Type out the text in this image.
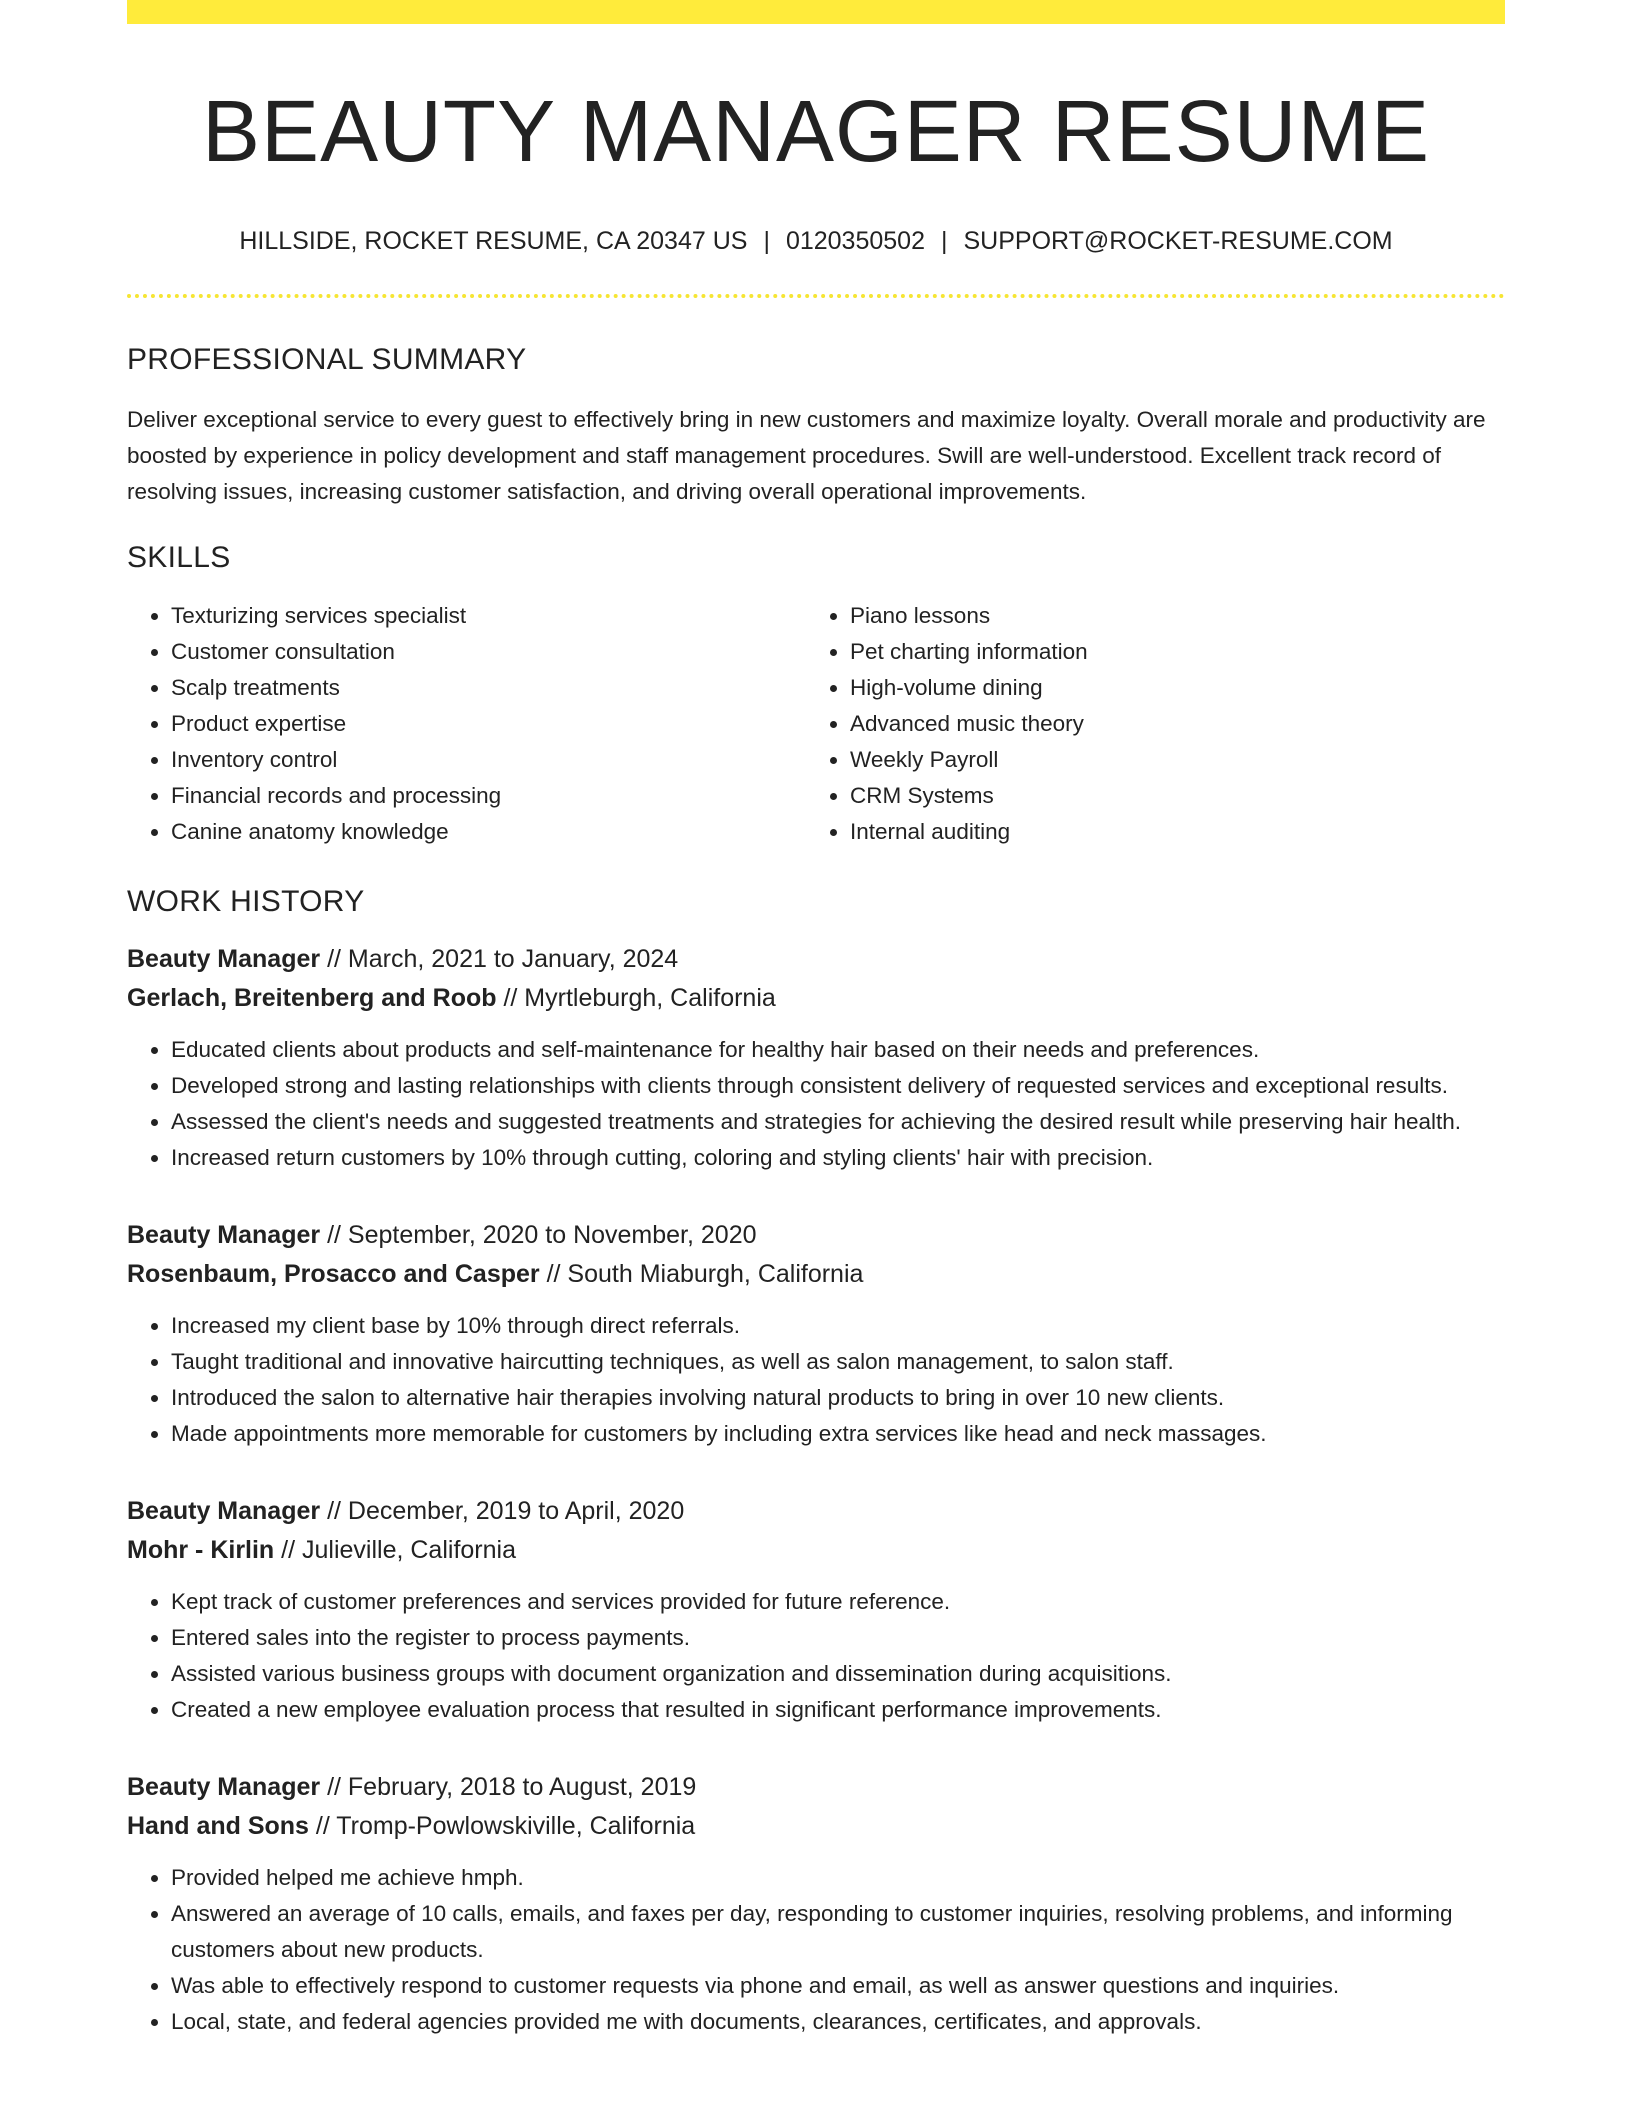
BEAUTY MANAGER RESUME
HILLSIDE, ROCKET RESUME, CA 20347 US | 0120350502 | SUPPORT@ROCKET-RESUME.COM
PROFESSIONAL SUMMARY
Deliver exceptional service to every guest to effectively bring in new customers and maximize loyalty. Overall morale and productivity are boosted by experience in policy development and staff management procedures. Swill are well-understood. Excellent track record of resolving issues, increasing customer satisfaction, and driving overall operational improvements.
SKILLS
• Texturizing services specialist
• Customer consultation
• Scalp treatments
• Product expertise
• Inventory control
• Financial records and processing
• Canine anatomy knowledge
• Piano lessons
• Pet charting information
• High-volume dining
• Advanced music theory
• Weekly Payroll
• CRM Systems
• Internal auditing
WORK HISTORY
Beauty Manager // March, 2021 to January, 2024
Gerlach, Breitenberg and Roob // Myrtleburgh, California
• Educated clients about products and self-maintenance for healthy hair based on their needs and preferences.
• Developed strong and lasting relationships with clients through consistent delivery of requested services and exceptional results.
• Assessed the client's needs and suggested treatments and strategies for achieving the desired result while preserving hair health.
• Increased return customers by 10% through cutting, coloring and styling clients' hair with precision.
Beauty Manager // September, 2020 to November, 2020
Rosenbaum, Prosacco and Casper // South Miaburgh, California
• Increased my client base by 10% through direct referrals.
• Taught traditional and innovative haircutting techniques, as well as salon management, to salon staff.
• Introduced the salon to alternative hair therapies involving natural products to bring in over 10 new clients.
• Made appointments more memorable for customers by including extra services like head and neck massages.
Beauty Manager // December, 2019 to April, 2020
Mohr - Kirlin // Julieville, California
• Kept track of customer preferences and services provided for future reference.
• Entered sales into the register to process payments.
• Assisted various business groups with document organization and dissemination during acquisitions.
• Created a new employee evaluation process that resulted in significant performance improvements.
Beauty Manager // February, 2018 to August, 2019
Hand and Sons // Tromp-Powlowskiville, California
• Provided helped me achieve hmph.
• Answered an average of 10 calls, emails, and faxes per day, responding to customer inquiries, resolving problems, and informing customers about new products.
• Was able to effectively respond to customer requests via phone and email, as well as answer questions and inquiries.
• Local, state, and federal agencies provided me with documents, clearances, certificates, and approvals.
